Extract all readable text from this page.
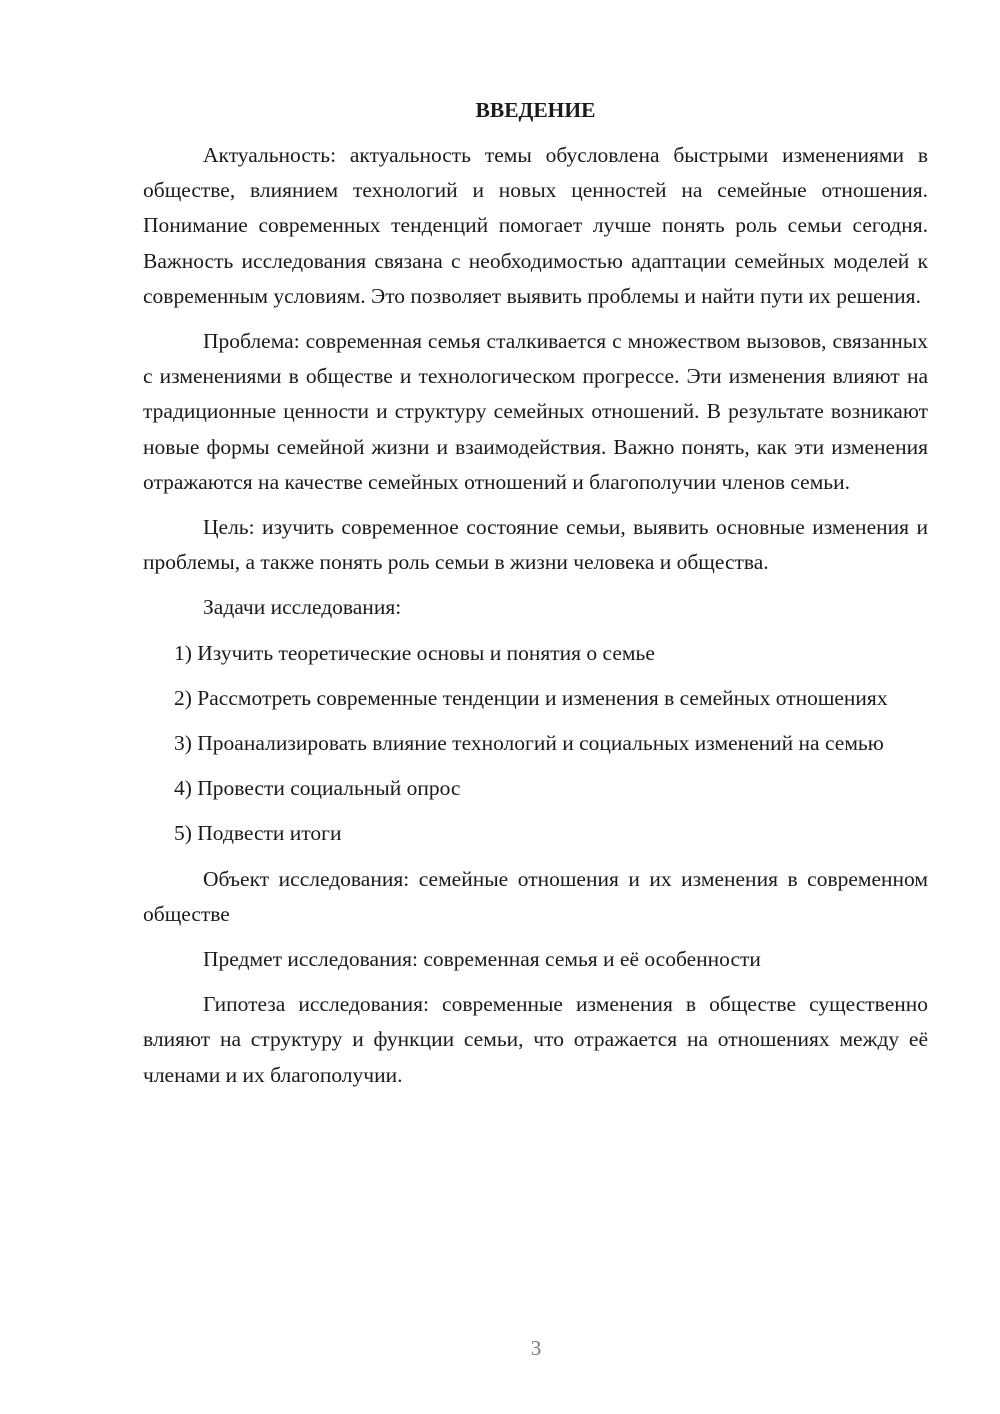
ВВЕДЕНИЕ

Актуальность: актуальность темы обусловлена быстрыми изменениями в обществе, влиянием технологий и новых ценностей на семейные отношения. Понимание современных тенденций помогает лучше понять роль семьи сегодня. Важность исследования связана с необходимостью адаптации семейных моделей к современным условиям. Это позволяет выявить проблемы и найти пути их решения.

Проблема: современная семья сталкивается с множеством вызовов, связанных с изменениями в обществе и технологическом прогрессе. Эти изменения влияют на традиционные ценности и структуру семейных отношений. В результате возникают новые формы семейной жизни и взаимодействия. Важно понять, как эти изменения отражаются на качестве семейных отношений и благополучии членов семьи.

Цель: изучить современное состояние семьи, выявить основные изменения и проблемы, а также понять роль семьи в жизни человека и общества.

Задачи исследования:

1) Изучить теоретические основы и понятия о семье

2) Рассмотреть современные тенденции и изменения в семейных отношениях

3) Проанализировать влияние технологий и социальных изменений на семью

4) Провести социальный опрос

5) Подвести итоги

Объект исследования: семейные отношения и их изменения в современном обществе

Предмет исследования: современная семья и её особенности

Гипотеза исследования: современные изменения в обществе существенно влияют на структуру и функции семьи, что отражается на отношениях между её членами и их благополучии.

3
